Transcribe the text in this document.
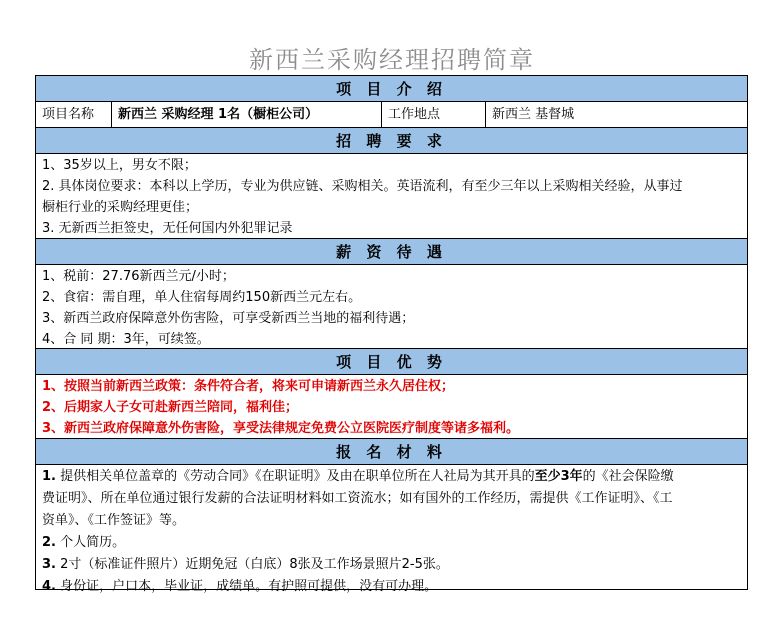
新西兰采购经理招聘简章
项 目 介 绍
项目名称	新西兰 采购经理 1名（橱柜公司）	工作地点	新西兰 基督城
招 聘 要 求
1、35岁以上，男女不限；
2. 具体岗位要求：本科以上学历，专业为供应链、采购相关。英语流利，有至少三年以上采购相关经验，从事过
橱柜行业的采购经理更佳；
3. 无新西兰拒签史，无任何国内外犯罪记录
薪 资 待 遇
1、税前：27.76新西兰元/小时；
2、食宿：需自理，单人住宿每周约150新西兰元左右。
3、新西兰政府保障意外伤害险，可享受新西兰当地的福利待遇；
4、合 同 期：3年，可续签。
项 目 优 势
1、按照当前新西兰政策：条件符合者，将来可申请新西兰永久居住权；
2、后期家人子女可赴新西兰陪同，福利佳；
3、新西兰政府保障意外伤害险，享受法律规定免费公立医院医疗制度等诸多福利。
报 名 材 料
1. 提供相关单位盖章的《劳动合同》《在职证明》及由在职单位所在人社局为其开具的至少3年的《社会保险缴
费证明》、所在单位通过银行发薪的合法证明材料如工资流水；如有国外的工作经历，需提供《工作证明》、《工
资单》、《工作签证》等。
2. 个人简历。
3. 2寸（标准证件照片）近期免冠（白底）8张及工作场景照片2-5张。
4. 身份证，户口本，毕业证，成绩单。有护照可提供，没有可办理。
